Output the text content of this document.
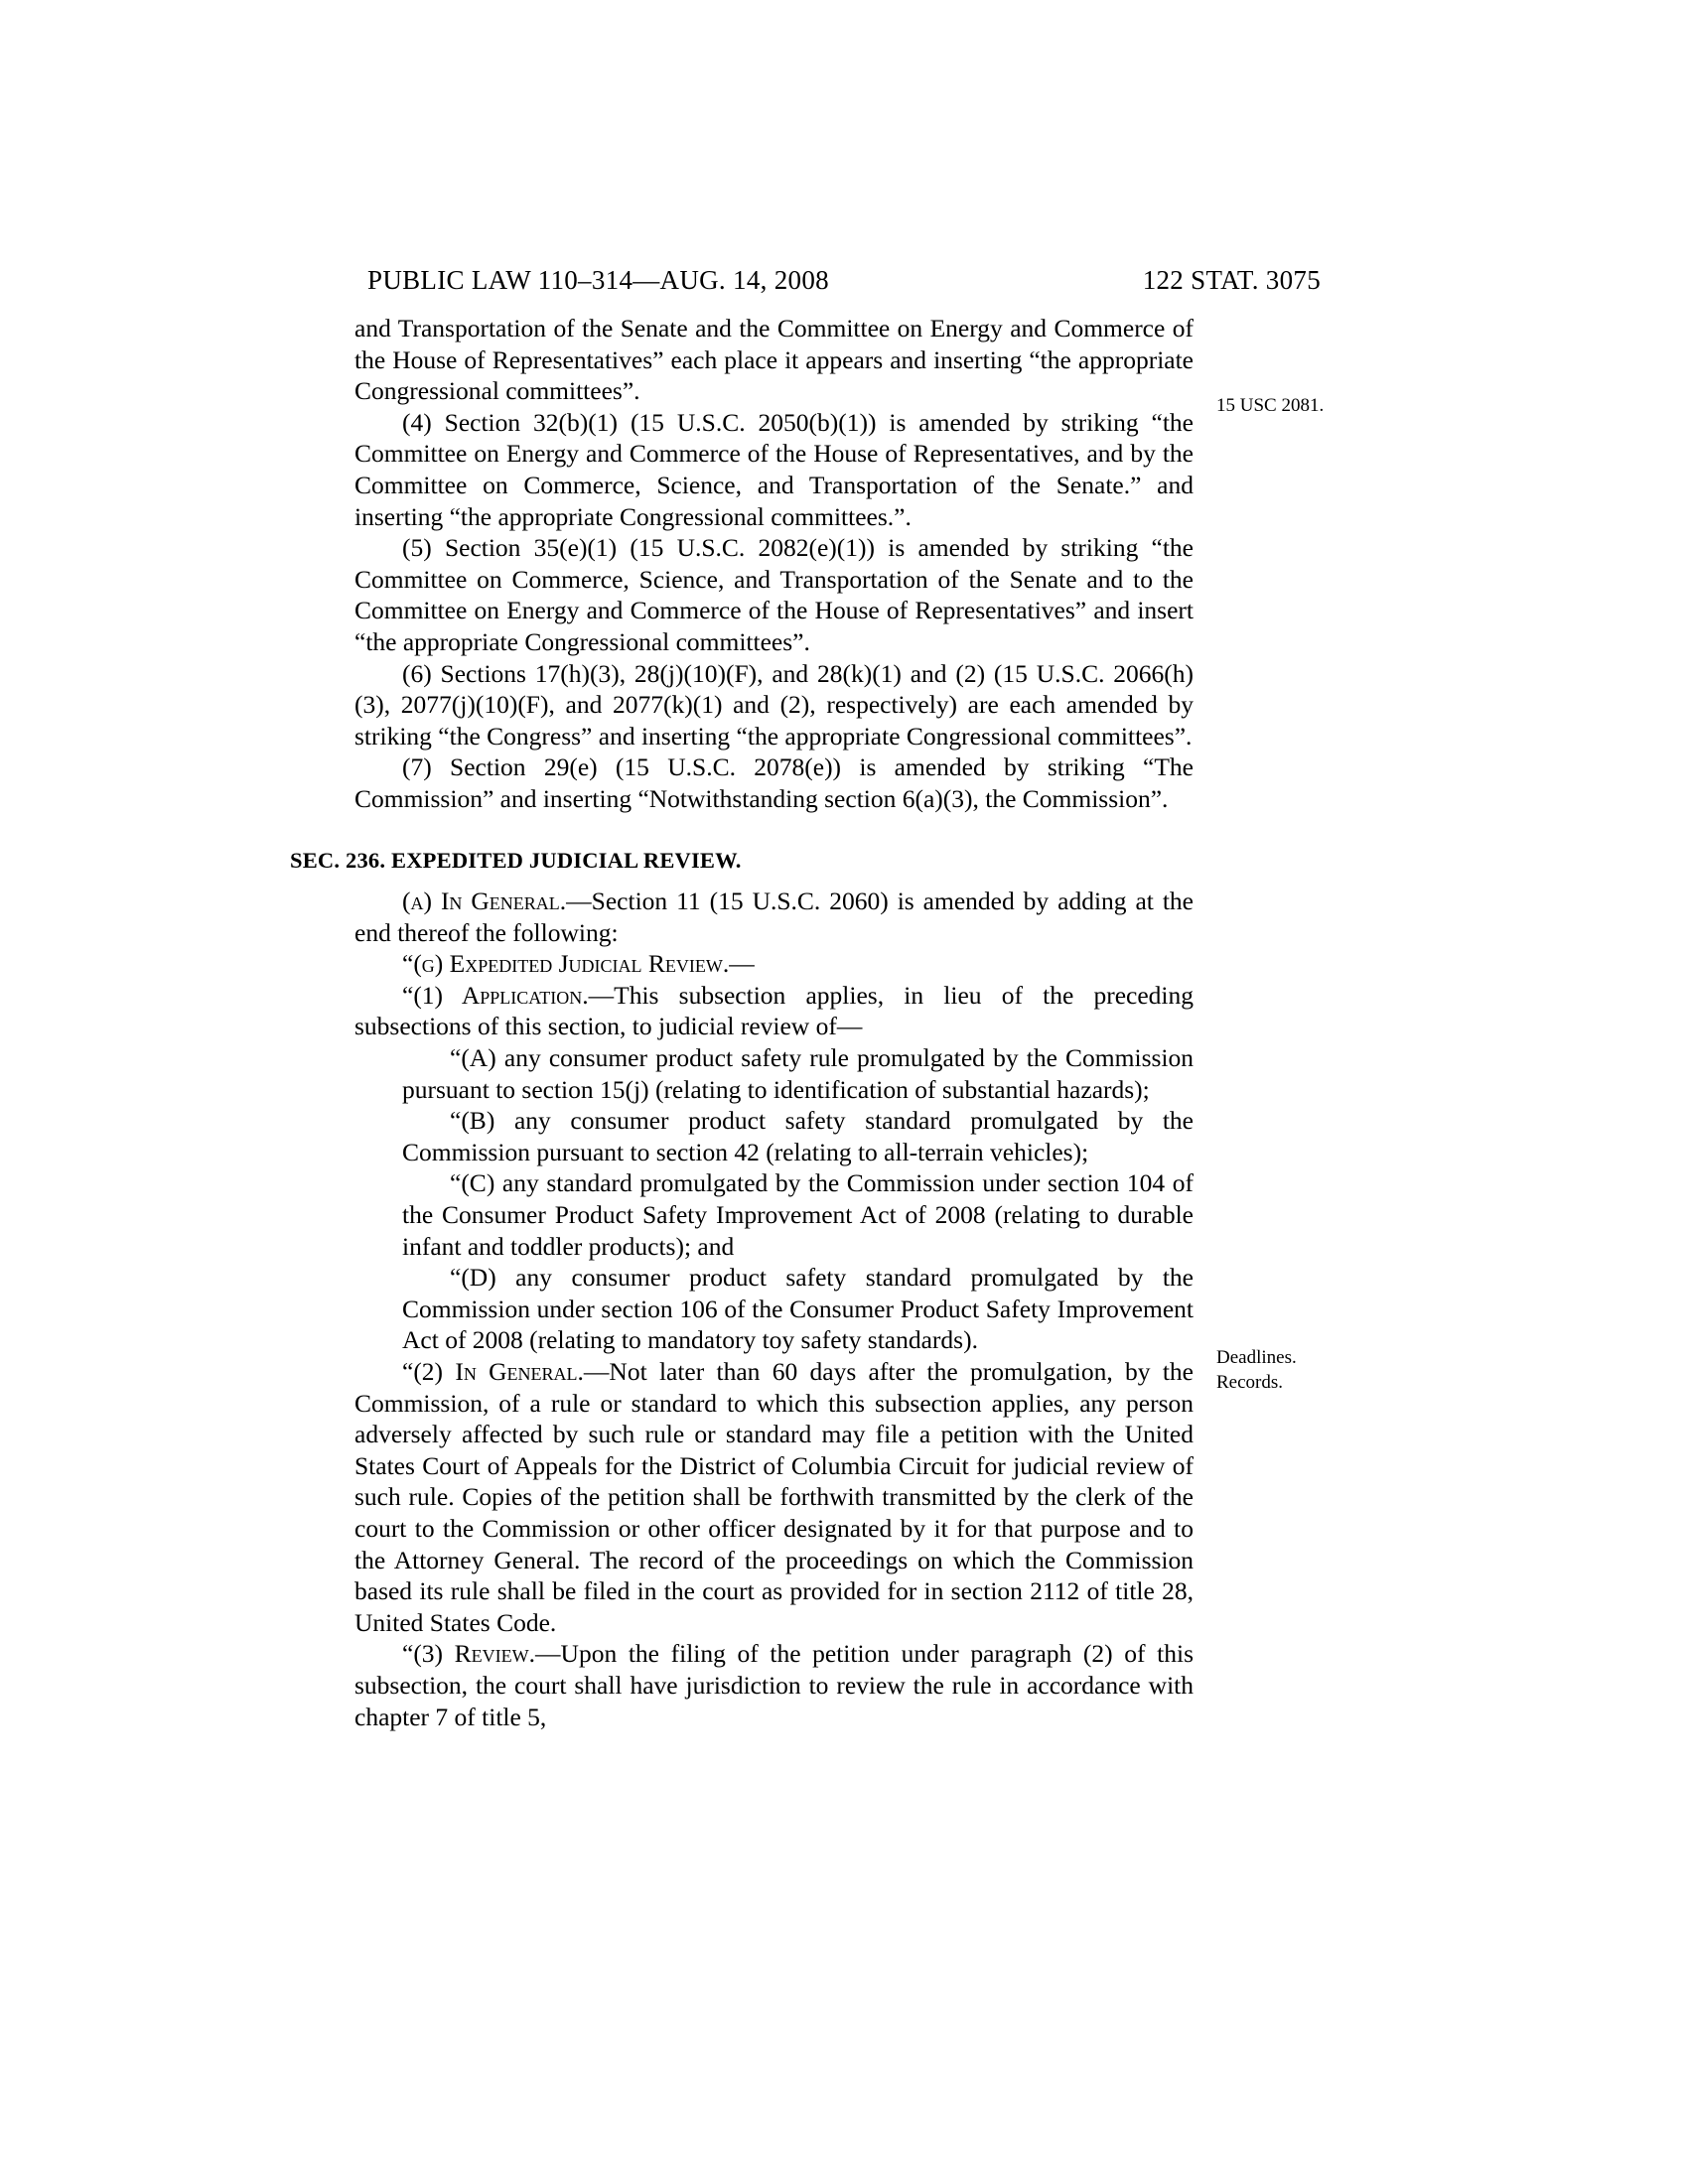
PUBLIC LAW 110–314—AUG. 14, 2008	122 STAT. 3075
15 USC 2081.
Deadlines.
Records.

and Transportation of the Senate and the Committee on Energy and Commerce of the House of Representatives” each place it appears and inserting “the appropriate Congressional committees”.

(4) Section 32(b)(1) (15 U.S.C. 2050(b)(1)) is amended by striking “the Committee on Energy and Commerce of the House of Representatives, and by the Committee on Commerce, Science, and Transportation of the Senate.” and inserting “the appropriate Congressional committees.”.

(5) Section 35(e)(1) (15 U.S.C. 2082(e)(1)) is amended by striking “the Committee on Commerce, Science, and Transportation of the Senate and to the Committee on Energy and Commerce of the House of Representatives” and insert “the appropriate Congressional committees”.

(6) Sections 17(h)(3), 28(j)(10)(F), and 28(k)(1) and (2) (15 U.S.C. 2066(h)(3), 2077(j)(10)(F), and 2077(k)(1) and (2), respectively) are each amended by striking “the Congress” and inserting “the appropriate Congressional committees”.

(7) Section 29(e) (15 U.S.C. 2078(e)) is amended by striking “The Commission” and inserting “Notwithstanding section 6(a)(3), the Commission”.

SEC. 236. EXPEDITED JUDICIAL REVIEW.

(a) In General.—Section 11 (15 U.S.C. 2060) is amended by adding at the end thereof the following:

“(g) Expedited Judicial Review.—

“(1) Application.—This subsection applies, in lieu of the preceding subsections of this section, to judicial review of—

“(A) any consumer product safety rule promulgated by the Commission pursuant to section 15(j) (relating to identification of substantial hazards);

“(B) any consumer product safety standard promulgated by the Commission pursuant to section 42 (relating to all-terrain vehicles);

“(C) any standard promulgated by the Commission under section 104 of the Consumer Product Safety Improvement Act of 2008 (relating to durable infant and toddler products); and

“(D) any consumer product safety standard promulgated by the Commission under section 106 of the Consumer Product Safety Improvement Act of 2008 (relating to mandatory toy safety standards).

“(2) In General.—Not later than 60 days after the promulgation, by the Commission, of a rule or standard to which this subsection applies, any person adversely affected by such rule or standard may file a petition with the United States Court of Appeals for the District of Columbia Circuit for judicial review of such rule. Copies of the petition shall be forthwith transmitted by the clerk of the court to the Commission or other officer designated by it for that purpose and to the Attorney General. The record of the proceedings on which the Commission based its rule shall be filed in the court as provided for in section 2112 of title 28, United States Code.

“(3) Review.—Upon the filing of the petition under paragraph (2) of this subsection, the court shall have jurisdiction to review the rule in accordance with chapter 7 of title 5,
